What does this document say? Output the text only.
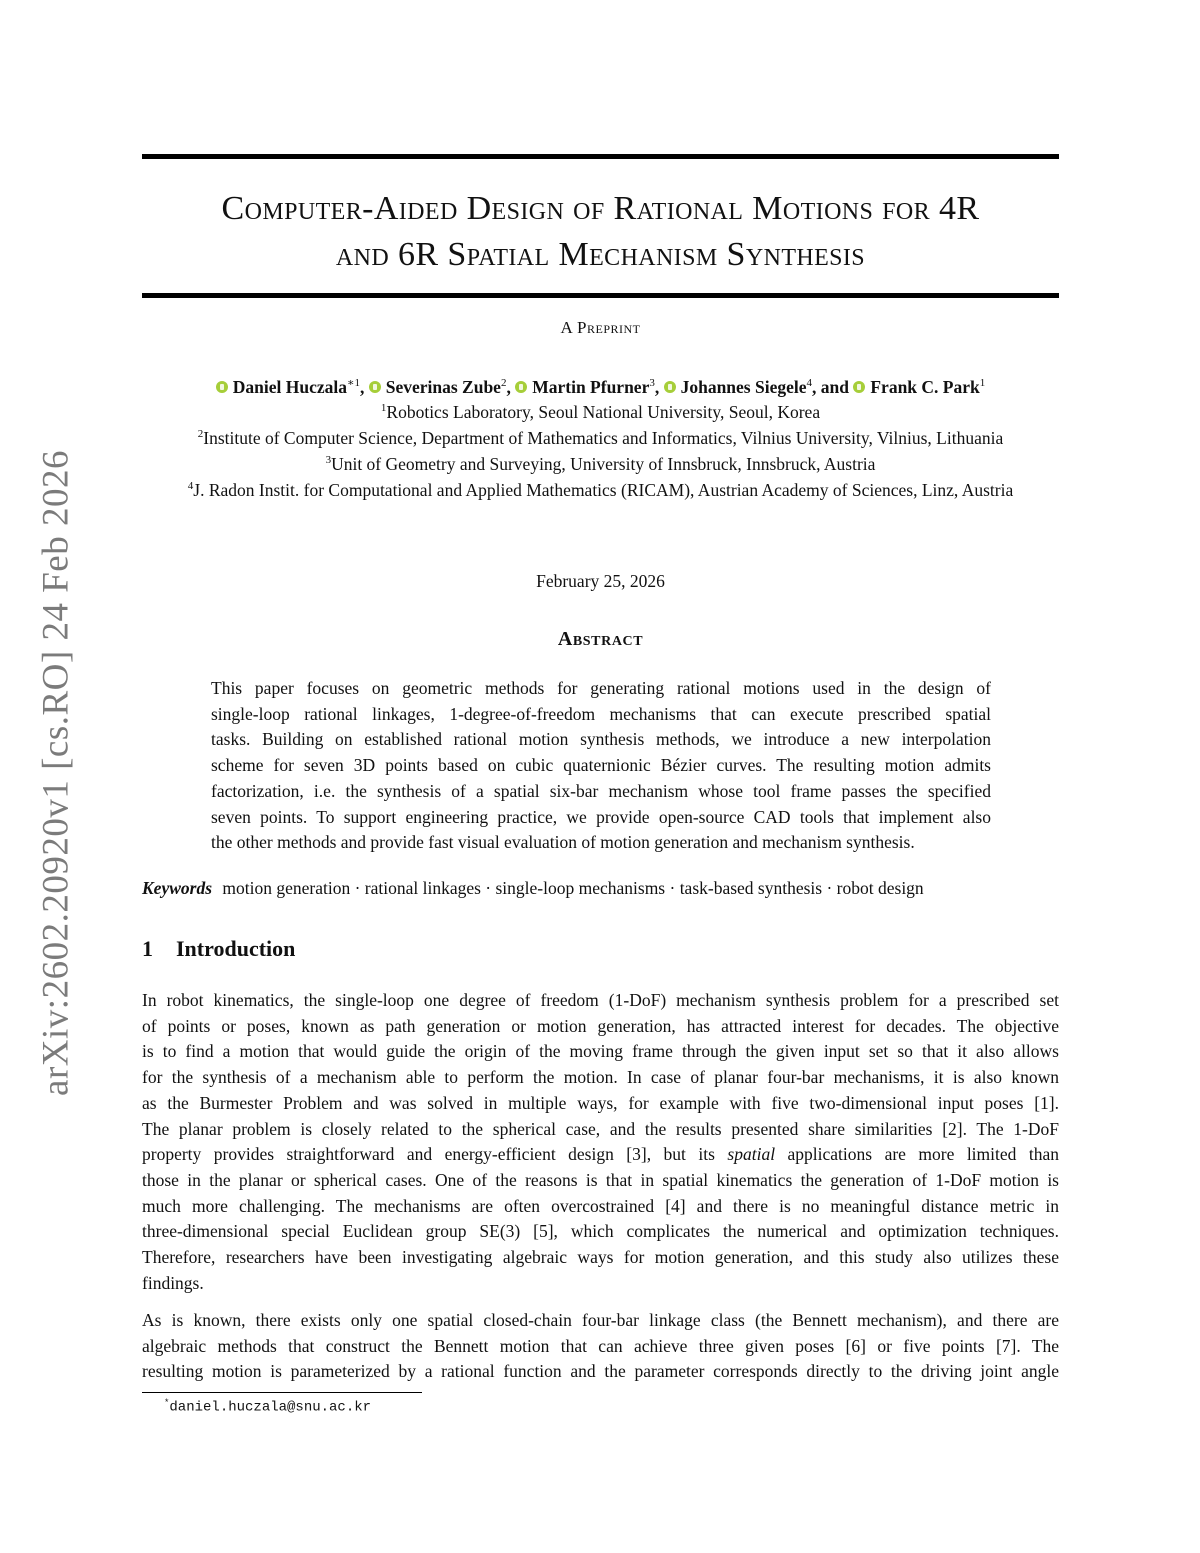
arXiv:2602.20920v1 [cs.RO] 24 Feb 2026
Computer-Aided Design of Rational Motions for 4R
and 6R Spatial Mechanism Synthesis
A Preprint
Daniel Huczala$^{∗1}$, Severinas Zube$^2$, Martin Pfurner$^3$, Johannes Siegele$^4$, and Frank C. Park$^1$
$^1$Robotics Laboratory, Seoul National University, Seoul, Korea
$^2$Institute of Computer Science, Department of Mathematics and Informatics, Vilnius University, Vilnius, Lithuania
$^3$Unit of Geometry and Surveying, University of Innsbruck, Innsbruck, Austria
$^4$J. Radon Instit. for Computational and Applied Mathematics (RICAM), Austrian Academy of Sciences, Linz, Austria
February 25, 2026
Abstract
This paper focuses on geometric methods for generating rational motions used in the design of
single-loop rational linkages, 1-degree-of-freedom mechanisms that can execute prescribed spatial
tasks. Building on established rational motion synthesis methods, we introduce a new interpolation
scheme for seven 3D points based on cubic quaternionic Bézier curves. The resulting motion admits
factorization, i.e. the synthesis of a spatial six-bar mechanism whose tool frame passes the specified
seven points. To support engineering practice, we provide open-source CAD tools that implement also
the other methods and provide fast visual evaluation of motion generation and mechanism synthesis.
Keywords motion generation · rational linkages · single-loop mechanisms · task-based synthesis · robot design
1 Introduction
In robot kinematics, the single-loop one degree of freedom (1-DoF) mechanism synthesis problem for a prescribed set
of points or poses, known as path generation or motion generation, has attracted interest for decades. The objective
is to find a motion that would guide the origin of the moving frame through the given input set so that it also allows
for the synthesis of a mechanism able to perform the motion. In case of planar four-bar mechanisms, it is also known
as the Burmester Problem and was solved in multiple ways, for example with five two-dimensional input poses [1].
The planar problem is closely related to the spherical case, and the results presented share similarities [2]. The 1-DoF
property provides straightforward and energy-efficient design [3], but its spatial applications are more limited than
those in the planar or spherical cases. One of the reasons is that in spatial kinematics the generation of 1-DoF motion is
much more challenging. The mechanisms are often overcostrained [4] and there is no meaningful distance metric in
three-dimensional special Euclidean group SE(3) [5], which complicates the numerical and optimization techniques.
Therefore, researchers have been investigating algebraic ways for motion generation, and this study also utilizes these
findings.
As is known, there exists only one spatial closed-chain four-bar linkage class (the Bennett mechanism), and there are
algebraic methods that construct the Bennett motion that can achieve three given poses [6] or five points [7]. The
resulting motion is parameterized by a rational function and the parameter corresponds directly to the driving joint angle
*daniel.huczala@snu.ac.kr
